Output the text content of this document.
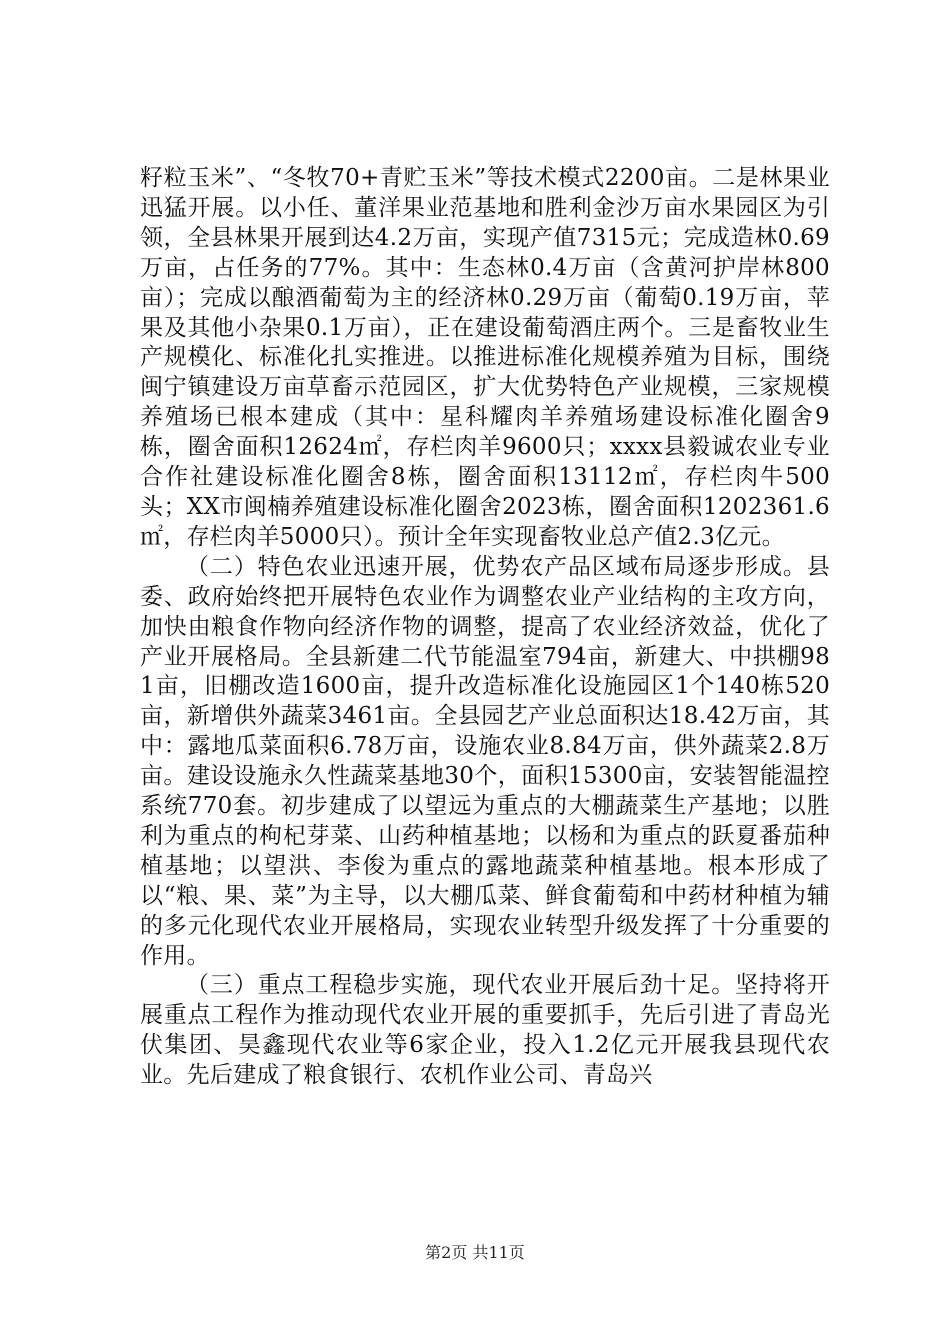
籽粒玉米”、“冬牧70+青贮玉米”等技术模式2200亩。二是林果业迅猛开展。以小任、董洋果业范基地和胜利金沙万亩水果园区为引领，全县林果开展到达4.2万亩，实现产值7315元；完成造林0.69万亩，占任务的77%。其中：生态林0.4万亩（含黄河护岸林800亩）；完成以酿酒葡萄为主的经济林0.29万亩（葡萄0.19万亩，苹果及其他小杂果0.1万亩），正在建设葡萄酒庄两个。三是畜牧业生产规模化、标准化扎实推进。以推进标准化规模养殖为目标，围绕闽宁镇建设万亩草畜示范园区，扩大优势特色产业规模，三家规模养殖场已根本建成（其中：星科耀肉羊养殖场建设标准化圈舍9栋，圈舍面积12624㎡，存栏肉羊9600只；xxxx县毅诚农业专业合作社建设标准化圈舍8栋，圈舍面积13112㎡，存栏肉牛500头；XX市闽楠养殖建设标准化圈舍2023栋，圈舍面积1202361.6㎡，存栏肉羊5000只）。预计全年实现畜牧业总产值2.3亿元。

（二）特色农业迅速开展，优势农产品区域布局逐步形成。县委、政府始终把开展特色农业作为调整农业产业结构的主攻方向，加快由粮食作物向经济作物的调整，提高了农业经济效益，优化了产业开展格局。全县新建二代节能温室794亩，新建大、中拱棚981亩，旧棚改造1600亩，提升改造标准化设施园区1个140栋520亩，新增供外蔬菜3461亩。全县园艺产业总面积达18.42万亩，其中：露地瓜菜面积6.78万亩，设施农业8.84万亩，供外蔬菜2.8万亩。建设设施永久性蔬菜基地30个，面积15300亩，安装智能温控系统770套。初步建成了以望远为重点的大棚蔬菜生产基地；以胜利为重点的枸杞芽菜、山药种植基地；以杨和为重点的跃夏番茄种植基地；以望洪、李俊为重点的露地蔬菜种植基地。根本形成了以“粮、果、菜”为主导，以大棚瓜菜、鲜食葡萄和中药材种植为辅的多元化现代农业开展格局，实现农业转型升级发挥了十分重要的作用。

（三）重点工程稳步实施，现代农业开展后劲十足。坚持将开展重点工程作为推动现代农业开展的重要抓手，先后引进了青岛光伏集团、昊鑫现代农业等6家企业，投入1.2亿元开展我县现代农业。先后建成了粮食银行、农机作业公司、青岛兴

第2页 共11页
